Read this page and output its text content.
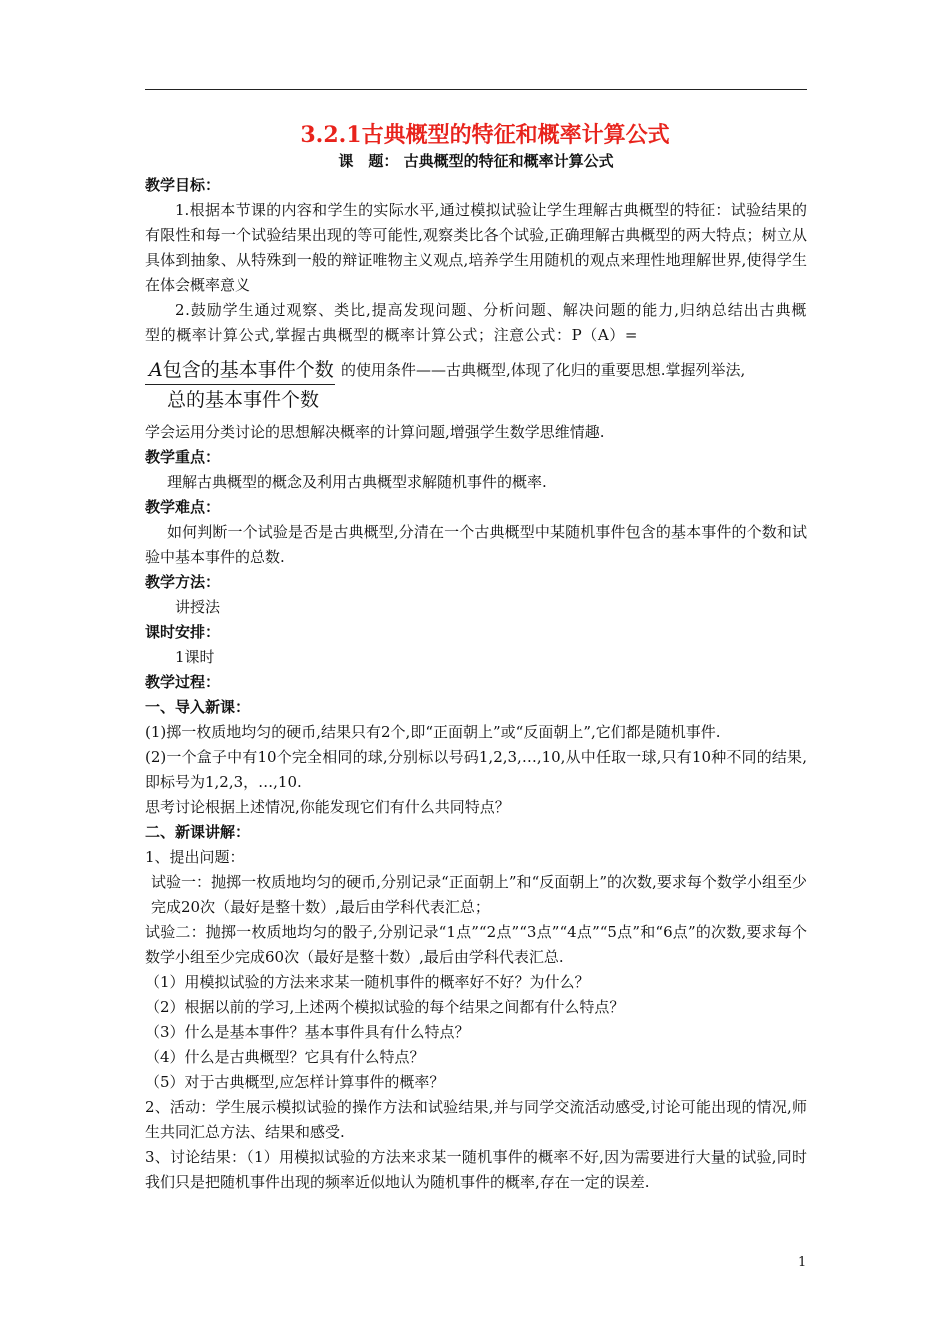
3.2.1古典概型的特征和概率计算公式
课　题： 古典概型的特征和概率计算公式
教学目标：
1.根据本节课的内容和学生的实际水平,通过模拟试验让学生理解古典概型的特征：试验结果的有限性和每一个试验结果出现的等可能性,观察类比各个试验,正确理解古典概型的两大特点；树立从具体到抽象、从特殊到一般的辩证唯物主义观点,培养学生用随机的观点来理性地理解世界,使得学生在体会概率意义
2.鼓励学生通过观察、类比,提高发现问题、分析问题、解决问题的能力,归纳总结出古典概型的概率计算公式,掌握古典概型的概率计算公式；注意公式：P（A）=
A包含的基本事件个数
总的基本事件个数
的使用条件——古典概型,体现了化归的重要思想.掌握列举法,
学会运用分类讨论的思想解决概率的计算问题,增强学生数学思维情趣.
教学重点：
理解古典概型的概念及利用古典概型求解随机事件的概率.
教学难点：
如何判断一个试验是否是古典概型,分清在一个古典概型中某随机事件包含的基本事件的个数和试验中基本事件的总数.
教学方法：
讲授法
课时安排：
1课时
教学过程：
一、导入新课：
(1)掷一枚质地均匀的硬币,结果只有2个,即“正面朝上”或“反面朝上”,它们都是随机事件.
(2)一个盒子中有10个完全相同的球,分别标以号码1,2,3,…,10,从中任取一球,只有10种不同的结果,即标号为1,2,3，…,10.
思考讨论根据上述情况,你能发现它们有什么共同特点？
二、新课讲解：
1、提出问题：
试验一：抛掷一枚质地均匀的硬币,分别记录“正面朝上”和“反面朝上”的次数,要求每个数学小组至少完成20次（最好是整十数）,最后由学科代表汇总；
试验二：抛掷一枚质地均匀的骰子,分别记录“1点”“2点”“3点”“4点”“5点”和“6点”的次数,要求每个数学小组至少完成60次（最好是整十数）,最后由学科代表汇总.
（1）用模拟试验的方法来求某一随机事件的概率好不好？为什么？
（2）根据以前的学习,上述两个模拟试验的每个结果之间都有什么特点？
（3）什么是基本事件？基本事件具有什么特点？
（4）什么是古典概型？它具有什么特点？
（5）对于古典概型,应怎样计算事件的概率？
2、活动：学生展示模拟试验的操作方法和试验结果,并与同学交流活动感受,讨论可能出现的情况,师生共同汇总方法、结果和感受.
3、讨论结果：（1）用模拟试验的方法来求某一随机事件的概率不好,因为需要进行大量的试验,同时我们只是把随机事件出现的频率近似地认为随机事件的概率,存在一定的误差.
1
